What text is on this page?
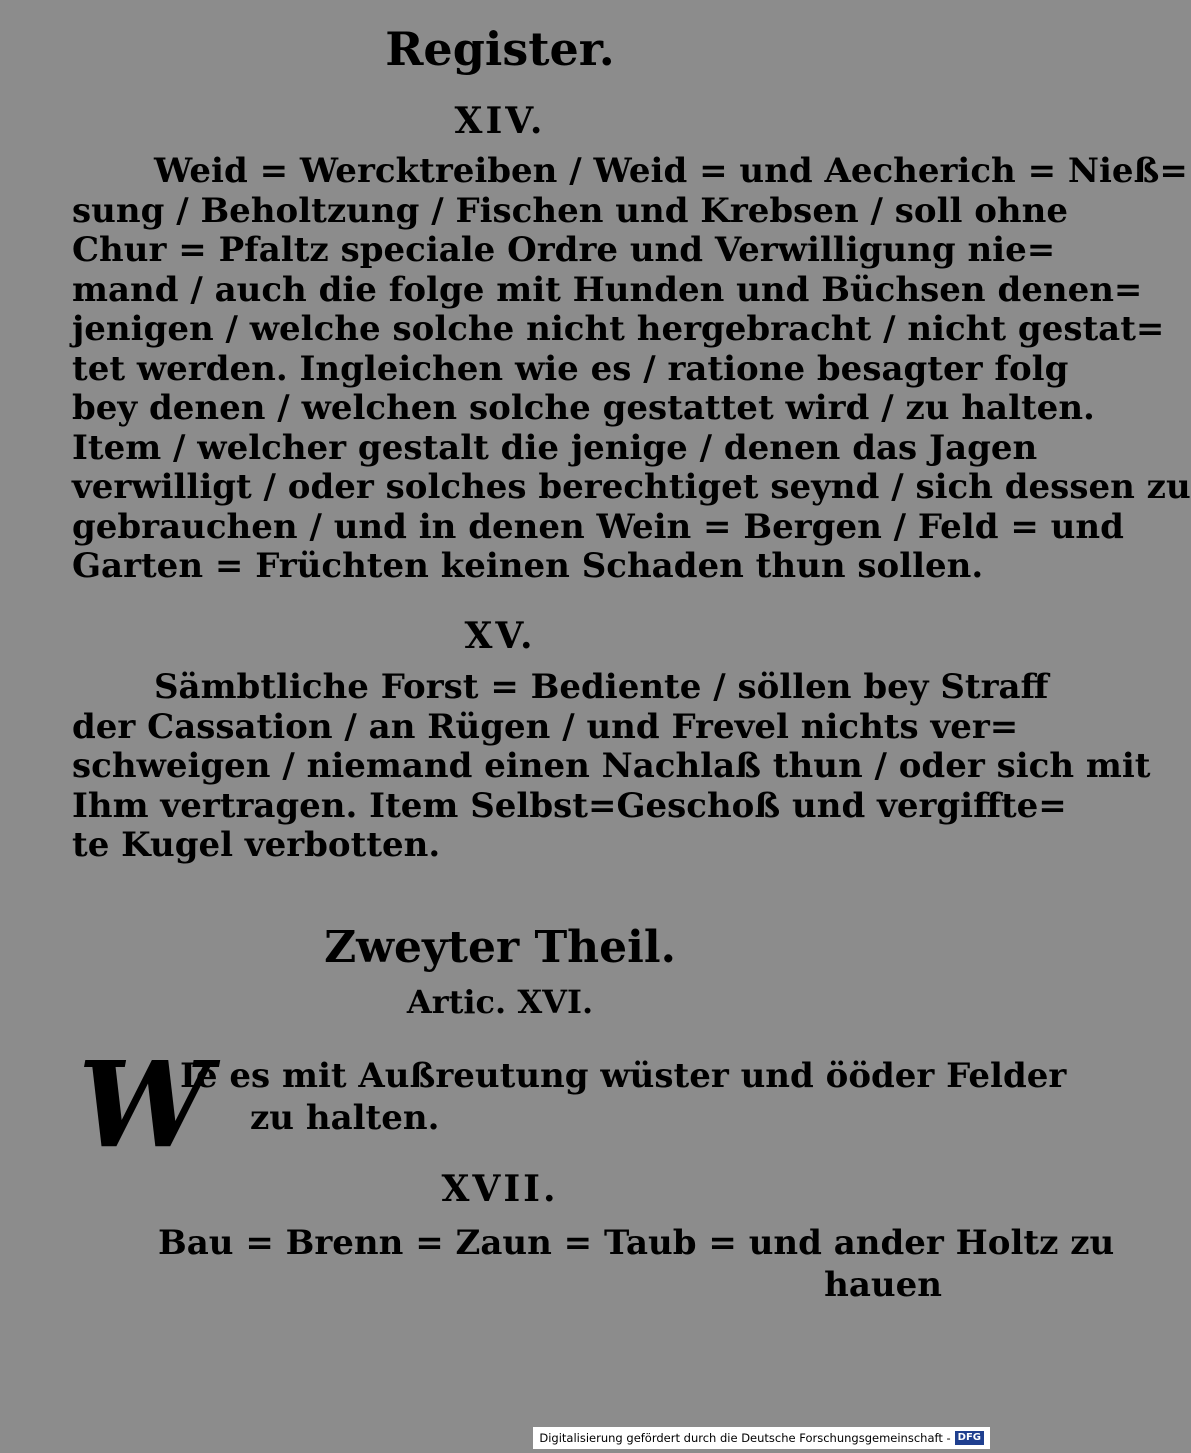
Register.
XIV.
Weid = Wercktreiben / Weid = und Aecherich = Nieß=
sung / Beholtzung / Fischen und Krebsen / soll ohne
Chur = Pfaltz speciale Ordre und Verwilligung nie=
mand / auch die folge mit Hunden und Büchsen denen=
jenigen / welche solche nicht hergebracht / nicht gestat=
tet werden. Ingleichen wie es / ratione besagter folg
bey denen / welchen solche gestattet wird / zu halten.
Item / welcher gestalt die jenige / denen das Jagen
verwilligt / oder solches berechtiget seynd / sich dessen zu
gebrauchen / und in denen Wein = Bergen / Feld = und
Garten = Früchten keinen Schaden thun sollen.
XV.
Sämbtliche Forst = Bediente / söllen bey Straff
der Cassation / an Rügen / und Frevel nichts ver=
schweigen / niemand einen Nachlaß thun / oder sich mit
Ihm vertragen. Item Selbst=Geschoß und vergiffte=
te Kugel verbotten.
Zweyter Theil.
Artic. XVI.
W
Ie es mit Außreutung wüster und ööder Felder
zu halten.
XVII.
Bau = Brenn = Zaun = Taub = und ander Holtz zu
hauen
Digitalisierung gefördert durch die Deutsche Forschungsgemeinschaft - DFG
